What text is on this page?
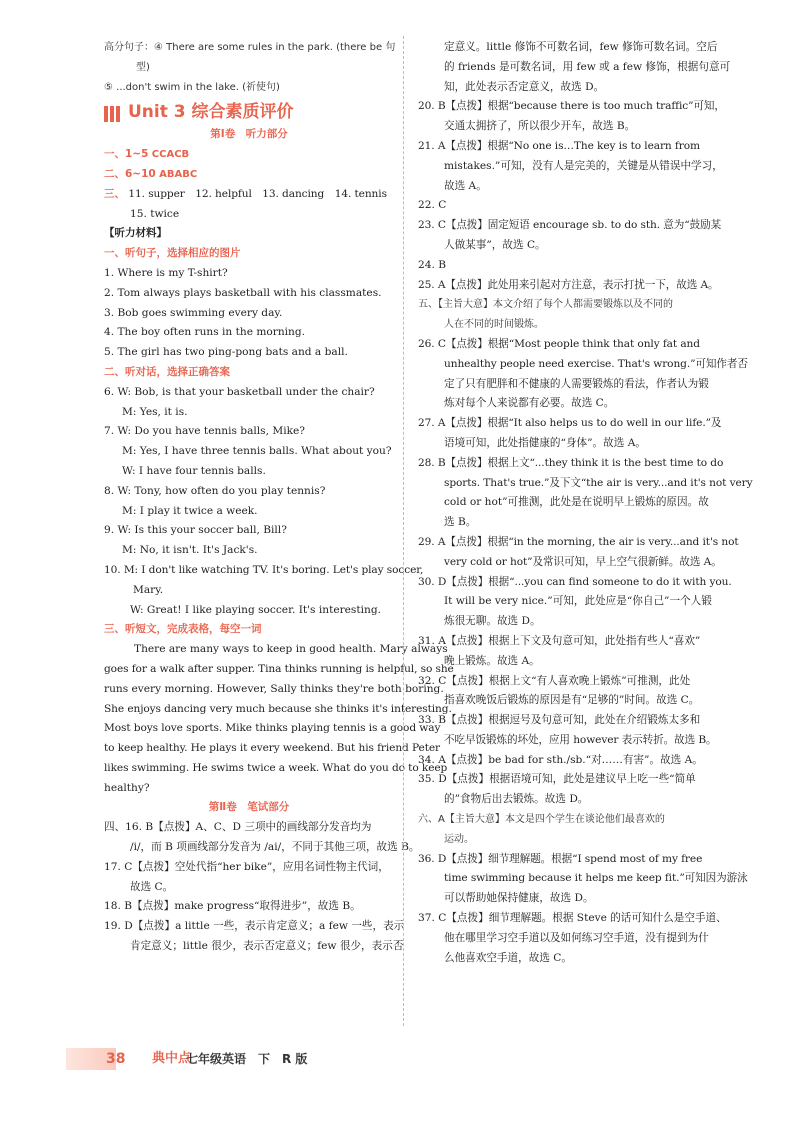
高分句子：④ There are some rules in the park. (there be 句
型)
⑤ ...don't swim in the lake. (祈使句)
Unit 3 综合素质评价
第Ⅰ卷　听力部分
一、1~5 CCACB
二、6~10 ABABC
三、 11. supper　12. helpful　13. dancing　14. tennis
15. twice
【听力材料】
一、听句子，选择相应的图片
1. Where is my T-shirt?
2. Tom always plays basketball with his classmates.
3. Bob goes swimming every day.
4. The boy often runs in the morning.
5. The girl has two ping-pong bats and a ball.
二、听对话，选择正确答案
6. W: Bob, is that your basketball under the chair?
M: Yes, it is.
7. W: Do you have tennis balls, Mike?
M: Yes, I have three tennis balls. What about you?
W: I have four tennis balls.
8. W: Tony, how often do you play tennis?
M: I play it twice a week.
9. W: Is this your soccer ball, Bill?
M: No, it isn't. It's Jack's.
10. M: I don't like watching TV. It's boring. Let's play soccer,
Mary.
W: Great! I like playing soccer. It's interesting.
三、听短文，完成表格，每空一词
There are many ways to keep in good health. Mary always
goes for a walk after supper. Tina thinks running is helpful, so she
runs every morning. However, Sally thinks they're both boring.
She enjoys dancing very much because she thinks it's interesting.
Most boys love sports. Mike thinks playing tennis is a good way
to keep healthy. He plays it every weekend. But his friend Peter
likes swimming. He swims twice a week. What do you do to keep
healthy?
第Ⅱ卷　笔试部分
四、16. B【点拨】A、C、D 三项中的画线部分发音均为
/i/，而 B 项画线部分发音为 /ai/，不同于其他三项，故选 B。
17. C【点拨】空处代指“her bike”，应用名词性物主代词，
故选 C。
18. B【点拨】make progress“取得进步”，故选 B。
19. D【点拨】a little 一些，表示肯定意义；a few 一些，表示
肯定意义；little 很少，表示否定意义；few 很少，表示否
定意义。little 修饰不可数名词，few 修饰可数名词。空后
的 friends 是可数名词，用 few 或 a few 修饰，根据句意可
知，此处表示否定意义，故选 D。
20. B【点拨】根据“because there is too much traffic”可知，
交通太拥挤了，所以很少开车，故选 B。
21. A【点拨】根据“No one is…The key is to learn from
mistakes.”可知，没有人是完美的，关键是从错误中学习，
故选 A。
22. C
23. C【点拨】固定短语 encourage sb. to do sth. 意为“鼓励某
人做某事”，故选 C。
24. B
25. A【点拨】此处用来引起对方注意，表示打扰一下，故选 A。
五、【主旨大意】本文介绍了每个人都需要锻炼以及不同的
人在不同的时间锻炼。
26. C【点拨】根据“Most people think that only fat and
unhealthy people need exercise. That's wrong.”可知作者否
定了只有肥胖和不健康的人需要锻炼的看法，作者认为锻
炼对每个人来说都有必要。故选 C。
27. A【点拨】根据“It also helps us to do well in our life.”及
语境可知，此处指健康的“身体”。故选 A。
28. B【点拨】根据上文“...they think it is the best time to do
sports. That's true.”及下文“the air is very...and it's not very
cold or hot”可推测，此处是在说明早上锻炼的原因。故
选 B。
29. A【点拨】根据“in the morning, the air is very...and it's not
very cold or hot”及常识可知，早上空气很新鲜。故选 A。
30. D【点拨】根据“...you can find someone to do it with you.
It will be very nice.”可知，此处应是“你自己”一个人锻
炼很无聊。故选 D。
31. A【点拨】根据上下文及句意可知，此处指有些人“喜欢”
晚上锻炼。故选 A。
32. C【点拨】根据上文“有人喜欢晚上锻炼”可推测，此处
指喜欢晚饭后锻炼的原因是有“足够的”时间。故选 C。
33. B【点拨】根据逗号及句意可知，此处在介绍锻炼太多和
不吃早饭锻炼的坏处，应用 however 表示转折。故选 B。
34. A【点拨】be bad for sth./sb.“对……有害”。故选 A。
35. D【点拨】根据语境可知，此处是建议早上吃一些“简单
的”食物后出去锻炼。故选 D。
六、A【主旨大意】本文是四个学生在谈论他们最喜欢的
运动。
36. D【点拨】细节理解题。根据“I spend most of my free
time swimming because it helps me keep fit.”可知因为游泳
可以帮助她保持健康，故选 D。
37. C【点拨】细节理解题。根据 Steve 的话可知什么是空手道、
他在哪里学习空手道以及如何练习空手道，没有提到为什
么他喜欢空手道，故选 C。
38 典中点
七年级英语　下　R 版
